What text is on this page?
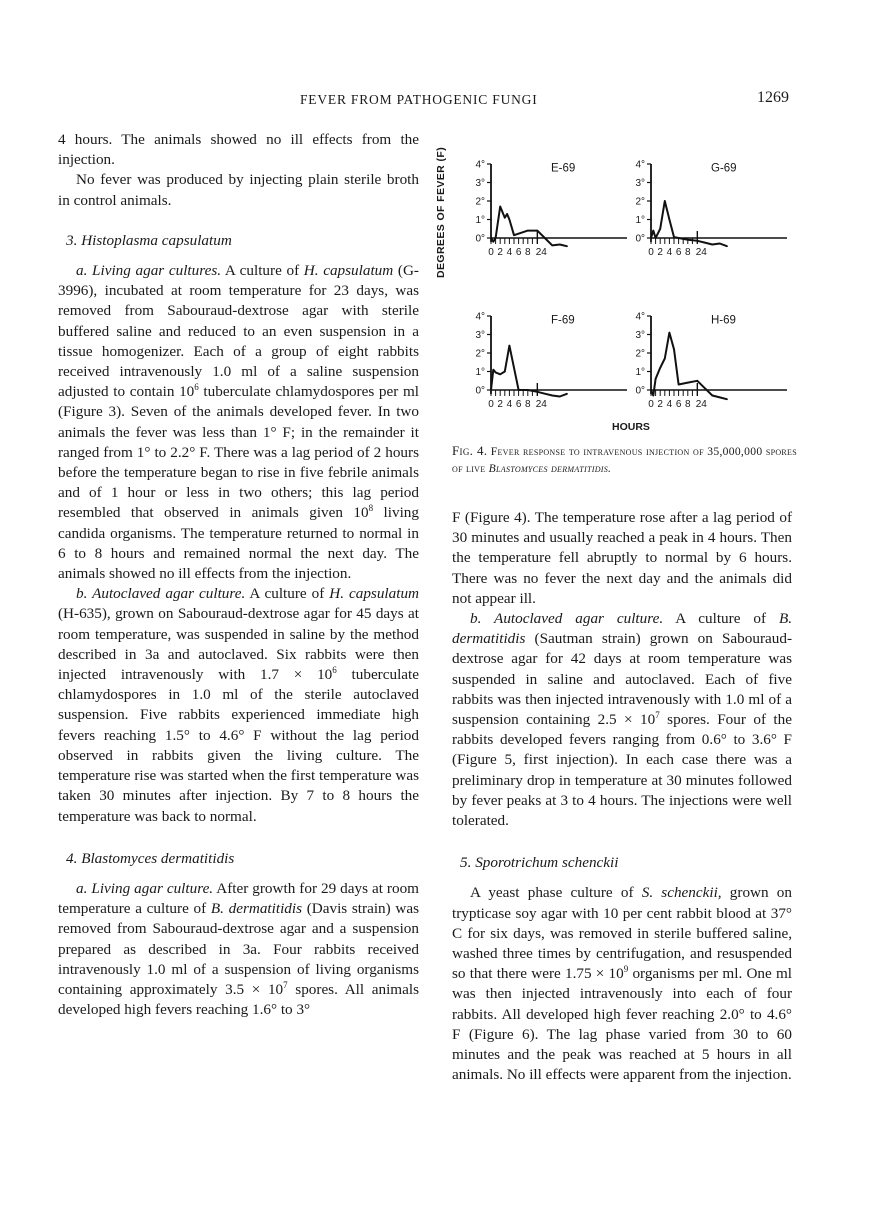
FEVER FROM PATHOGENIC FUNGI	1269

4 hours. The animals showed no ill effects from the injection.

No fever was produced by injecting plain sterile broth in control animals.

3. Histoplasma capsulatum

a. Living agar cultures. A culture of H. capsulatum (G-3996), incubated at room temperature for 23 days, was removed from Sabouraud-dextrose agar with sterile buffered saline and reduced to an even suspension in a tissue homogenizer. Each of a group of eight rabbits received intravenously 1.0 ml of a saline suspension adjusted to contain $10^6$ tuberculate chlamydospores per ml (Figure 3). Seven of the animals developed fever. In two animals the fever was less than 1° F; in the remainder it ranged from 1° to 2.2° F. There was a lag period of 2 hours before the temperature began to rise in five febrile animals and of 1 hour or less in two others; this lag period resembled that observed in animals given $10^8$ living candida organisms. The temperature returned to normal in 6 to 8 hours and remained normal the next day. The animals showed no ill effects from the injection.

b. Autoclaved agar culture. A culture of H. capsulatum (H-635), grown on Sabouraud-dextrose agar for 45 days at room temperature, was suspended in saline by the method described in 3a and autoclaved. Six rabbits were then injected intravenously with $1.7 \times 10^6$ tuberculate chlamydospores in 1.0 ml of the sterile autoclaved suspension. Five rabbits experienced immediate high fevers reaching 1.5° to 4.6° F without the lag period observed in rabbits given the living culture. The temperature rise was started when the first temperature was taken 30 minutes after injection. By 7 to 8 hours the temperature was back to normal.

4. Blastomyces dermatitidis

a. Living agar culture. After growth for 29 days at room temperature a culture of B. dermatitidis (Davis strain) was removed from Sabouraud-dextrose agar and a suspension prepared as described in 3a. Four rabbits received intravenously 1.0 ml of a suspension of living organisms containing approximately $3.5 \times 10^7$ spores. All animals developed high fevers reaching 1.6° to 3°

DEGREES OF FEVER (F)	0°
1°
2°
3°
4°
0 2 4 6 8 24
E-69
0°
1°
2°
3°
4°
0 2 4 6 8 24
G-69
0°
1°
2°
3°
4°
0 2 4 6 8 24
F-69
0°
1°
2°
3°
4°
0 2 4 6 8 24
H-69
HOURS
Fig. 4. Fever response to intravenous injection of 35,000,000 spores of live Blastomyces dermatitidis.

F (Figure 4). The temperature rose after a lag period of 30 minutes and usually reached a peak in 4 hours. Then the temperature fell abruptly to normal by 6 hours. There was no fever the next day and the animals did not appear ill.

b. Autoclaved agar culture. A culture of B. dermatitidis (Sautman strain) grown on Sabouraud-dextrose agar for 42 days at room temperature was suspended in saline and autoclaved. Each of five rabbits was then injected intravenously with 1.0 ml of a suspension containing $2.5 \times 10^7$ spores. Four of the rabbits developed fevers ranging from 0.6° to 3.6° F (Figure 5, first injection). In each case there was a preliminary drop in temperature at 30 minutes followed by fever peaks at 3 to 4 hours. The injections were well tolerated.

5. Sporotrichum schenckii

A yeast phase culture of S. schenckii, grown on trypticase soy agar with 10 per cent rabbit blood at 37° C for six days, was removed in sterile buffered saline, washed three times by centrifugation, and resuspended so that there were $1.75 \times 10^9$ organisms per ml. One ml was then injected intravenously into each of four rabbits. All developed high fever reaching 2.0° to 4.6° F (Figure 6). The lag phase varied from 30 to 60 minutes and the peak was reached at 5 hours in all animals. No ill effects were apparent from the injection.
